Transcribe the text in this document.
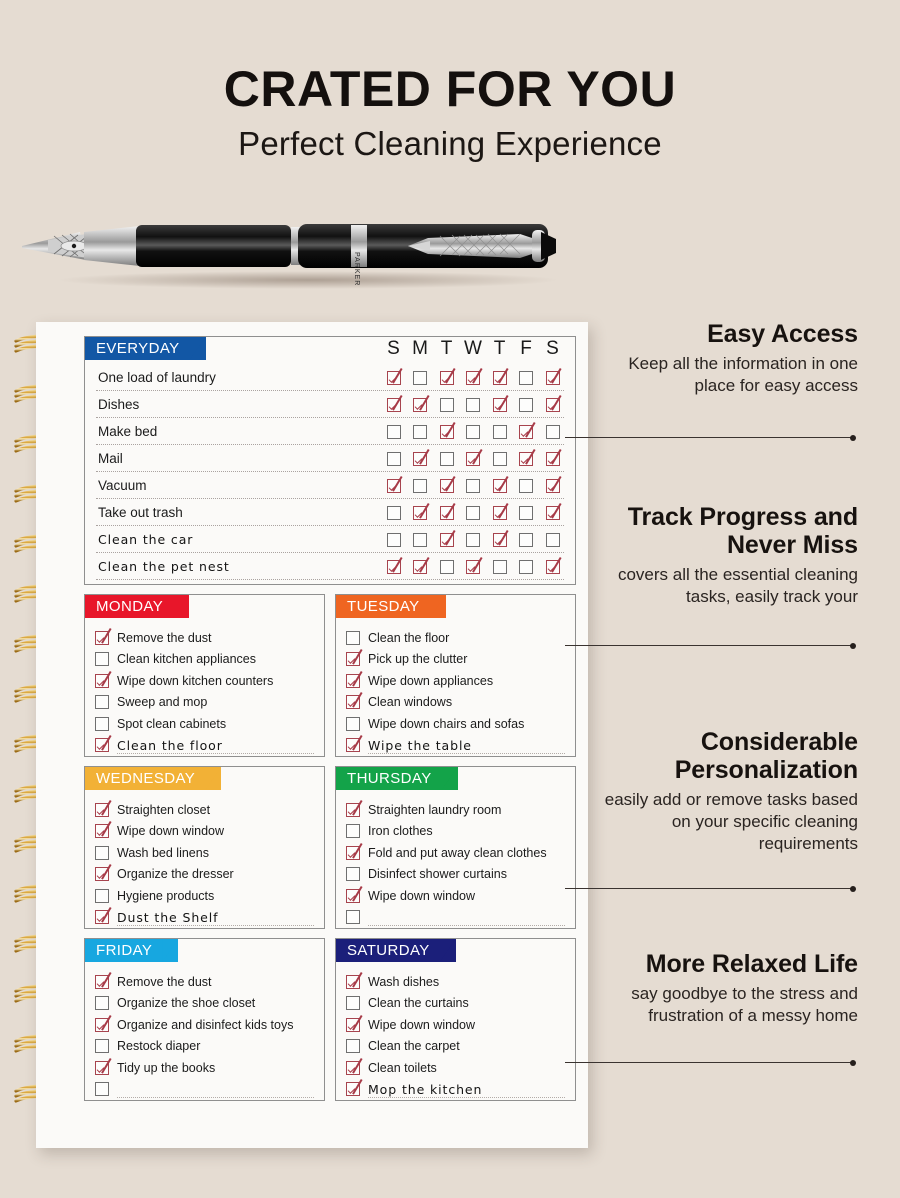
CRATED FOR YOU
Perfect Cleaning Experience
PARKER
EVERYDAY	S M T W T F S
One load of laundry
Dishes
Make bed
Mail
Vacuum
Take out trash
Clean the car
Clean the pet nest
MONDAY
Remove the dust
Clean kitchen appliances
Wipe down kitchen counters
Sweep and mop
Spot clean cabinets
Clean the floor
TUESDAY
Clean the floor
Pick up the clutter
Wipe down appliances
Clean windows
Wipe down chairs and sofas
Wipe the table
WEDNESDAY
Straighten closet
Wipe down window
Wash bed linens
Organize the dresser
Hygiene products
Dust the Shelf
THURSDAY
Straighten laundry room
Iron clothes
Fold and put away clean clothes
Disinfect shower curtains
Wipe down window
FRIDAY
Remove the dust
Organize the shoe closet
Organize and disinfect kids toys
Restock diaper
Tidy up the books
SATURDAY
Wash dishes
Clean the curtains
Wipe down window
Clean the carpet
Clean toilets
Mop the kitchen
Easy Access

Keep all the information in one place for easy access

Track Progress and Never Miss

covers all the essential cleaning tasks, easily track your

Considerable Personalization

easily add or remove tasks based on your specific cleaning requirements

More Relaxed Life

say goodbye to the stress and frustration of a messy home
